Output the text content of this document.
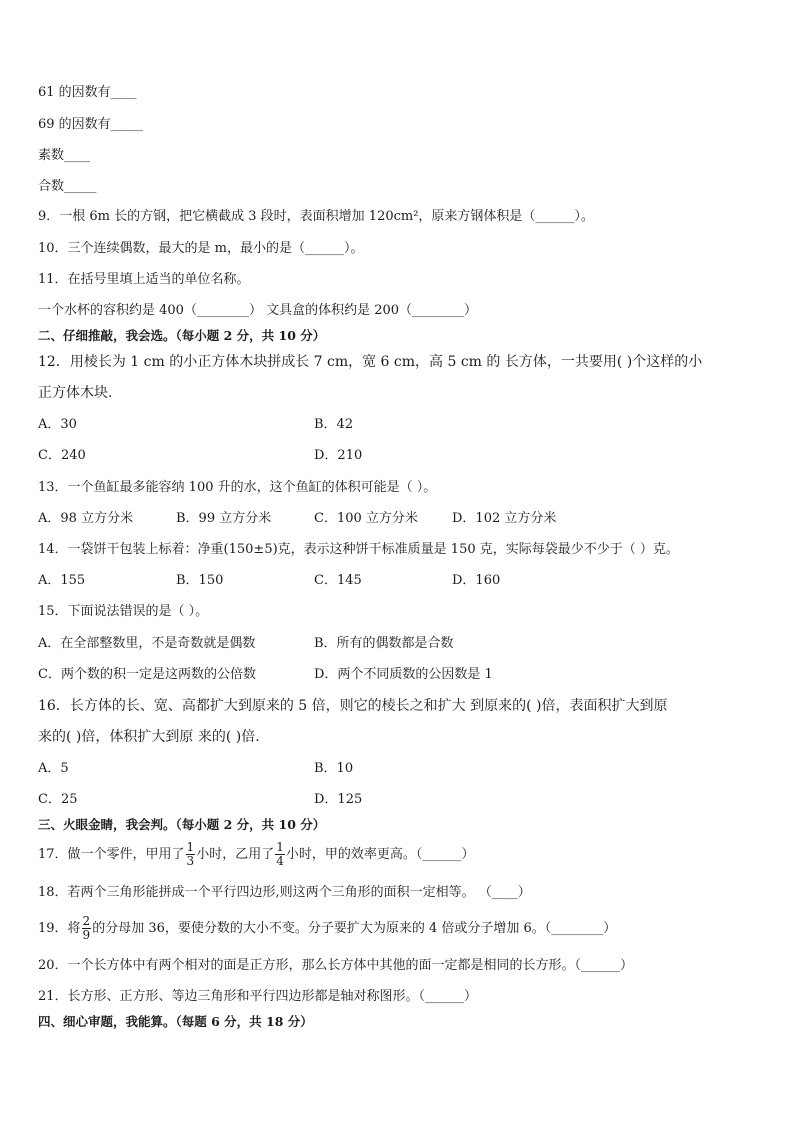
61 的因数有____
69 的因数有_____
素数____
合数_____
9．一根 6m 长的方钢，把它横截成 3 段时，表面积增加 120cm²，原来方钢体积是（______）。
10．三个连续偶数，最大的是 m，最小的是（______）。
11．在括号里填上适当的单位名称。
一个水杯的容积约是 400（________） 文具盒的体积约是 200（________）
二、仔细推敲，我会选。（每小题 2 分，共 10 分）
12．用棱长为 1 cm 的小正方体木块拼成长 7 cm，宽 6 cm，高 5 cm 的 长方体，一共要用( )个这样的小
正方体木块.
A．30	B．42
C．240	D．210
13．一个鱼缸最多能容纳 100 升的水，这个鱼缸的体积可能是（ ）。
A．98 立方分米	B．99 立方分米	C．100 立方分米	D．102 立方分米
14．一袋饼干包装上标着：净重(150±5)克，表示这种饼干标准质量是 150 克，实际每袋最少不少于（ ）克。
A．155	B．150	C．145	D．160
15．下面说法错误的是（ ）。
A．在全部整数里，不是奇数就是偶数	B．所有的偶数都是合数
C．两个数的积一定是这两数的公倍数	D．两个不同质数的公因数是 1
16．长方体的长、宽、高都扩大到原来的 5 倍，则它的棱长之和扩大 到原来的( )倍，表面积扩大到原
来的( )倍，体积扩大到原 来的( )倍.
A．5	B．10
C．25	D．125
三、火眼金睛，我会判。（每小题 2 分，共 10 分）
17．做一个零件，甲用了 $\frac{1}{3}$ 小时，乙用了 $\frac{1}{4}$ 小时，甲的效率更高。（______）
18．若两个三角形能拼成一个平行四边形,则这两个三角形的面积一定相等。 （____）
19．将 $\frac{2}{9}$ 的分母加 36，要使分数的大小不变。分子要扩大为原来的 4 倍或分子增加 6。（________）
20．一个长方体中有两个相对的面是正方形，那么长方体中其他的面一定都是相同的长方形。（______）
21．长方形、正方形、等边三角形和平行四边形都是轴对称图形。（______）
四、细心审题，我能算。（每题 6 分，共 18 分）
